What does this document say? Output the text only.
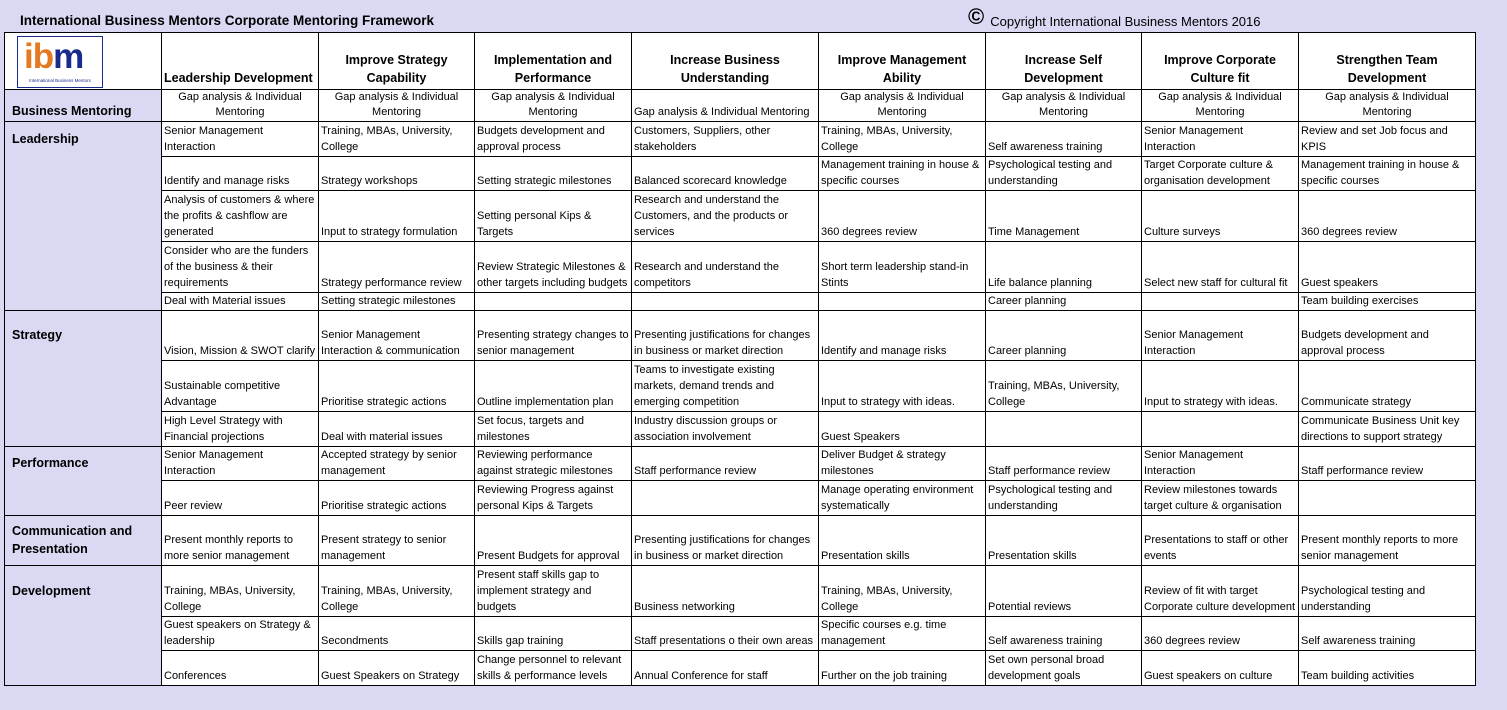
International Business Mentors Corporate Mentoring Framework	© Copyright International Business Mentors 2016
ibm
International Business Mentors	Leadership Development	Improve Strategy Capability	Implementation and Performance	Increase Business Understanding	Improve Management Ability	Increase Self Development	Improve Corporate Culture fit	Strengthen Team Development
Business Mentoring	Gap analysis & Individual Mentoring	Gap analysis & Individual Mentoring	Gap analysis & Individual Mentoring	Gap analysis & Individual Mentoring	Gap analysis & Individual Mentoring	Gap analysis & Individual Mentoring	Gap analysis & Individual Mentoring	Gap analysis & Individual Mentoring
Leadership	Senior Management Interaction	Training, MBAs, University, College	Budgets development and approval process	Customers, Suppliers, other stakeholders	Training, MBAs, University, College	Self awareness training	Senior Management Interaction	Review and set Job focus and KPIS
	Identify and manage risks	Strategy workshops	Setting strategic milestones	Balanced scorecard knowledge	Management training in house & specific courses	Psychological testing and understanding	Target Corporate culture & organisation development	Management training in house & specific courses
	Analysis of customers & where the profits & cashflow are generated	Input to strategy formulation	Setting personal Kips & Targets	Research and understand the Customers, and the products or services	360 degrees review	Time Management	Culture surveys	360 degrees review
	Consider who are the funders of the business & their requirements	Strategy performance review	Review Strategic Milestones & other targets including budgets	Research and understand the competitors	Short term leadership stand-in Stints	Life balance planning	Select new staff for cultural fit	Guest speakers
	Deal with Material issues	Setting strategic milestones				Career planning		Team building exercises
Strategy	Vision, Mission & SWOT clarify	Senior Management Interaction & communication	Presenting strategy changes to senior management	Presenting justifications for changes in business or market direction	Identify and manage risks	Career planning	Senior Management Interaction	Budgets development and approval process
	Sustainable competitive Advantage	Prioritise strategic actions	Outline implementation plan	Teams to investigate existing markets, demand trends and emerging competition	Input to strategy with ideas.	Training, MBAs, University, College	Input to strategy with ideas.	Communicate strategy
	High Level Strategy with Financial projections	Deal with material issues	Set focus, targets and milestones	Industry discussion groups or association involvement	Guest Speakers			Communicate Business Unit key directions to support strategy
Performance	Senior Management Interaction	Accepted strategy by senior management	Reviewing performance against strategic milestones	Staff performance review	Deliver Budget & strategy milestones	Staff performance review	Senior Management Interaction	Staff performance review
	Peer review	Prioritise strategic actions	Reviewing Progress against personal Kips & Targets		Manage operating environment systematically	Psychological testing and understanding	Review milestones towards target culture & organisation	
Communication and Presentation	Present monthly reports to more senior management	Present strategy to senior management	Present Budgets for approval	Presenting justifications for changes in business or market direction	Presentation skills	Presentation skills	Presentations to staff or other events	Present monthly reports to more senior management
Development	Training, MBAs, University, College	Training, MBAs, University, College	Present staff skills gap to implement strategy and budgets	Business networking	Training, MBAs, University, College	Potential reviews	Review of fit with target Corporate culture development	Psychological testing and understanding
	Guest speakers on Strategy & leadership	Secondments	Skills gap training	Staff presentations o their own areas	Specific courses e.g. time management	Self awareness training	360 degrees review	Self awareness training
	Conferences	Guest Speakers on Strategy	Change personnel to relevant skills & performance levels	Annual Conference for staff	Further on the job training	Set own personal broad development goals	Guest speakers on culture	Team building activities
